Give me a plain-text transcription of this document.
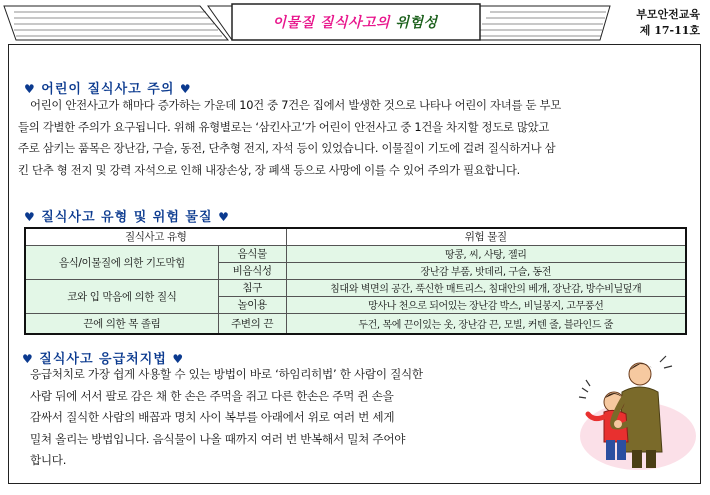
이물질 질식사고의 위험성
부모안전교육
제 17-11호
♥ 어린이 질식사고 주의 ♥
어린이 안전사고가 해마다 증가하는 가운데 10건 중 7건은 집에서 발생한 것으로 나타나 어린이 자녀를 둔 부모
들의 각별한 주의가 요구됩니다. 위해 유형별로는 ‘삼킨사고’가 어린이 안전사고 중 1건을 차지할 정도로 많았고
주로 삼키는 품목은 장난감, 구슬, 동전, 단추형 전지, 자석 등이 있었습니다. 이물질이 기도에 걸려 질식하거나 삼
킨 단추 형 전지 및 강력 자석으로 인해 내장손상, 장 폐색 등으로 사망에 이를 수 있어 주의가 필요합니다.
♥ 질식사고 유형 및 위험 물질 ♥
질식사고 유형		위험 물질
음식/이물질에 의한 기도막힘	음식물	땅콩, 씨, 사탕, 젤리
	비음식성	장난감 부품, 밧데리, 구슬, 동전
코와 입 막음에 의한 질식	침구	침대와 벽면의 공간, 푹신한 매트리스, 침대안의 베개, 장난감, 방수비닐덮개
	놀이용	망사나 천으로 되어있는 장난감 박스, 비닐봉지, 고무풍선
끈에 의한 목 졸림	주변의 끈	두건, 목에 끈이있는 옷, 장난감 끈, 모빌, 커텐 줄, 블라인드 줄
♥ 질식사고 응급처지법 ♥
응급처치로 가장 쉽게 사용할 수 있는 방법이 바로 ‘하임리히법’ 한 사람이 질식한
사람 뒤에 서서 팔로 감은 채 한 손은 주먹을 쥐고 다른 한손은 주먹 쥔 손을
감싸서 질식한 사람의 배꼽과 명치 사이 복부를 아래에서 위로 여러 번 세게
밀쳐 올리는 방법입니다. 음식물이 나올 때까지 여러 번 반복해서 밀쳐 주어야
합니다.
